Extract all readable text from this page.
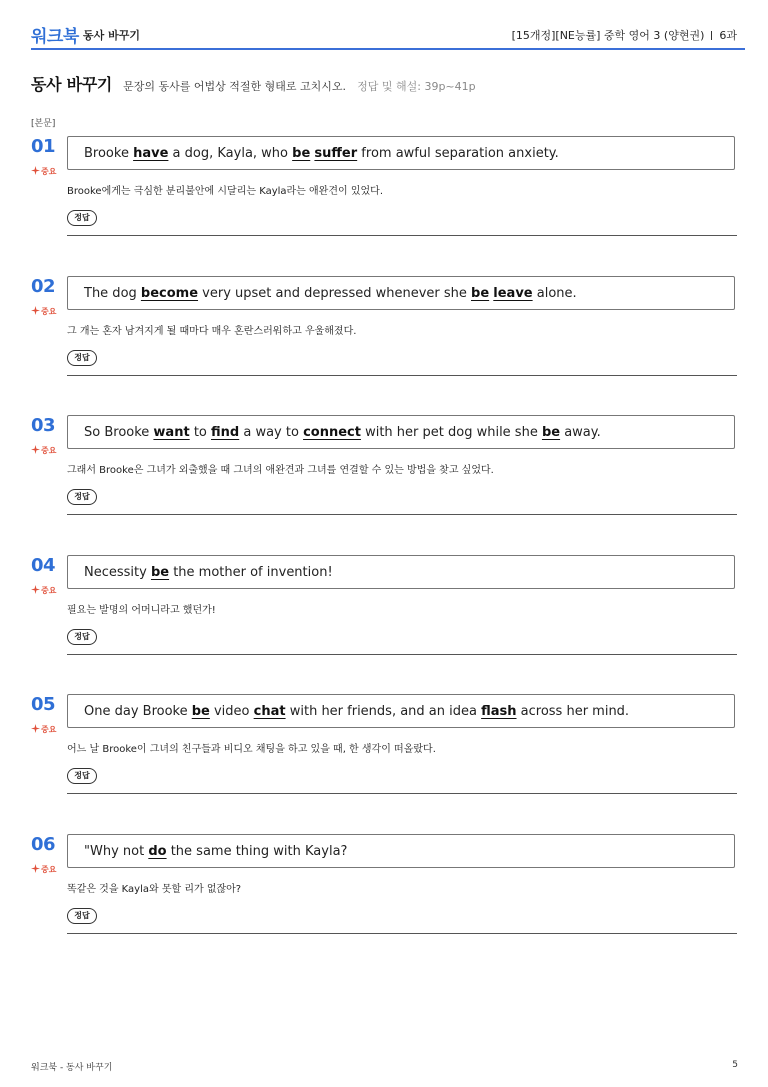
워크북 동사 바꾸기	[15개정][NE능률] 중학 영어 3 (양현권) 6과
동사 바꾸기 문장의 동사를 어법상 적절한 형태로 고치시오. 정답 및 해설: 39p~41p
[본문]
01
중요
Brooke have a dog, Kayla, who be suffer from awful separation anxiety.
Brooke에게는 극심한 분리불안에 시달리는 Kayla라는 애완견이 있었다.
정답
02
중요
The dog become very upset and depressed whenever she be leave alone.
그 개는 혼자 남겨지게 될 때마다 매우 혼란스러워하고 우울해졌다.
정답
03
중요
So Brooke want to find a way to connect with her pet dog while she be away.
그래서 Brooke은 그녀가 외출했을 때 그녀의 애완견과 그녀를 연결할 수 있는 방법을 찾고 싶었다.
정답
04
중요
Necessity be the mother of invention!
필요는 발명의 어머니라고 했던가!
정답
05
중요
One day Brooke be video chat with her friends, and an idea flash across her mind.
어느 날 Brooke이 그녀의 친구들과 비디오 채팅을 하고 있을 때, 한 생각이 떠올랐다.
정답
06
중요
"Why not do the same thing with Kayla?
똑같은 것을 Kayla와 못할 리가 없잖아?
정답
워크북 - 동사 바꾸기	5
